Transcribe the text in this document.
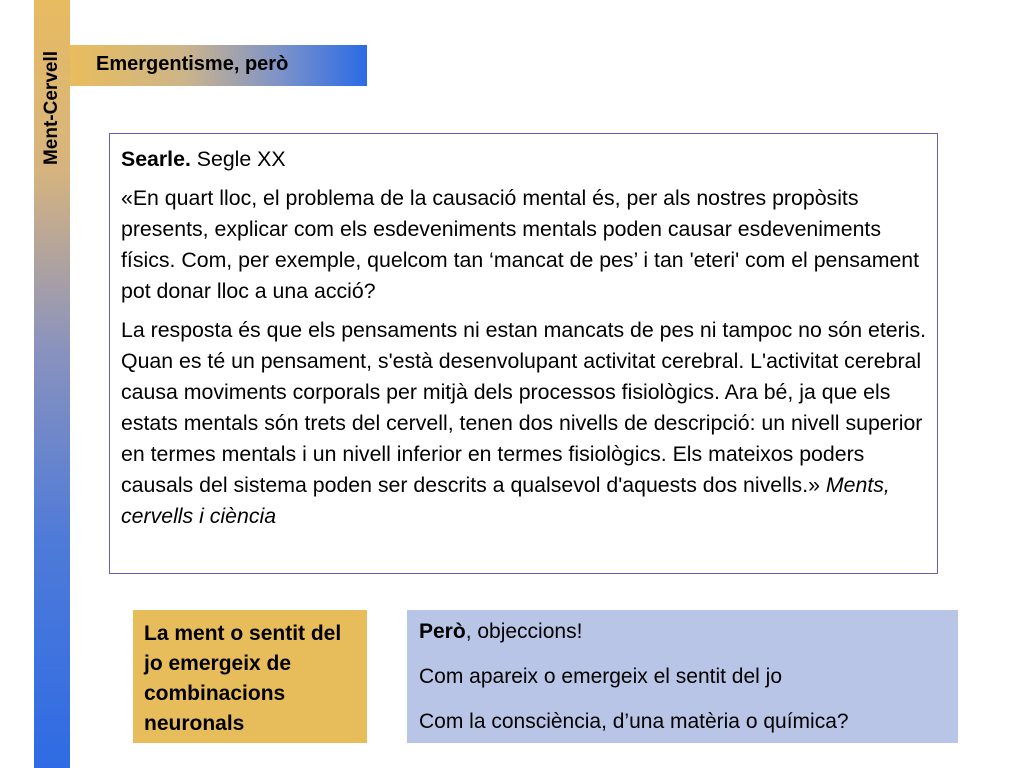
Ment-Cervell Emergentisme, però

Searle. Segle XX

«En quart lloc, el problema de la causació mental és, per als nostres propòsits presents, explicar com els esdeveniments mentals poden causar esdeveniments físics. Com, per exemple, quelcom tan ‘mancat de pes’ i tan 'eteri' com el pensament pot donar lloc a una acció?

La resposta és que els pensaments ni estan mancats de pes ni tampoc no són eteris. Quan es té un pensament, s'està desenvolupant activitat cerebral. L'activitat cerebral causa moviments corporals per mitjà dels processos fisiològics. Ara bé, ja que els estats mentals són trets del cervell, tenen dos nivells de descripció: un nivell superior en termes mentals i un nivell inferior en termes fisiològics. Els mateixos poders causals del sistema poden ser descrits a qualsevol d'aquests dos nivells.» Ments, cervells i ciència

La ment o sentit del jo emergeix de combinacions neuronals

Però, objeccions!

Com apareix o emergeix el sentit del jo

Com la consciència, d’una matèria o química?
